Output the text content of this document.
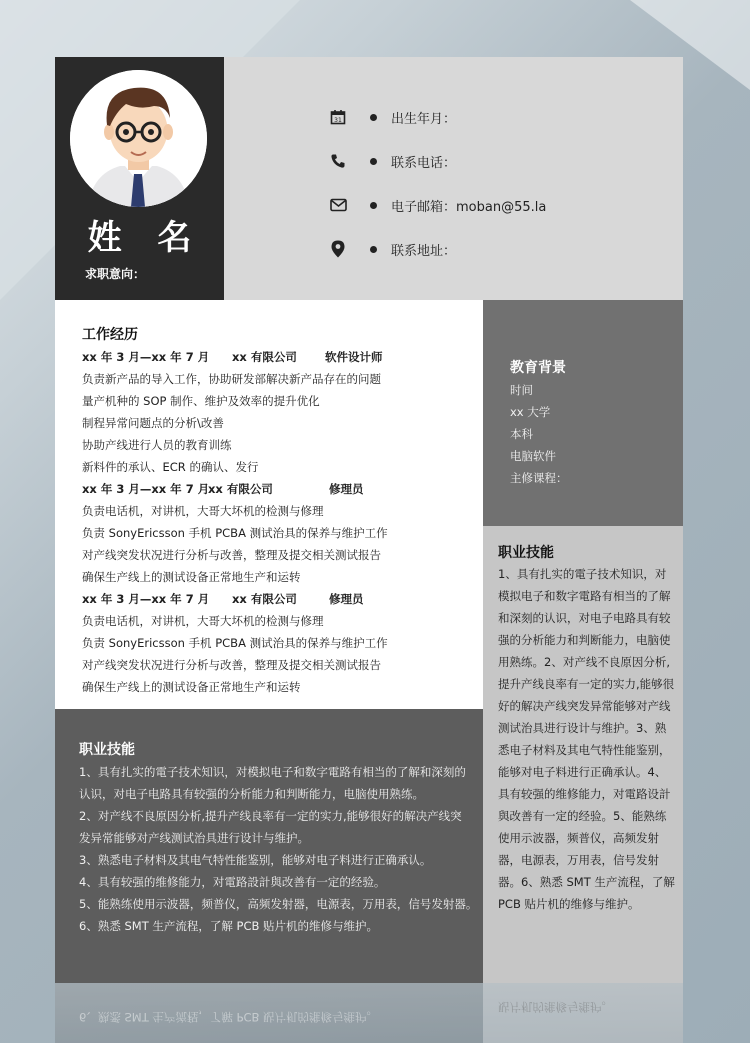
姓 名
求职意向：
31	出生年月：
联系电话：
电子邮箱：moban@55.la
联系地址：
工作经历
xx 年 3 月—xx 年 7 月 xx 有限公司 软件设计师
负责新产品的导入工作，协助研发部解决新产品存在的问题
量产机种的 SOP 制作、维护及效率的提升优化
制程异常问题点的分析\改善
协助产线进行人员的教育训练
新料件的承认、ECR 的确认、发行
xx 年 3 月—xx 年 7 月xx 有限公司	修理员
负责电话机，对讲机，大哥大坏机的检测与修理
负责 SonyEricsson 手机 PCBA 测试治具的保养与维护工作
对产线突发状况进行分析与改善，整理及提交相关测试报告
确保生产线上的测试设备正常地生产和运转
xx 年 3 月—xx 年 7 月 xx 有限公司	修理员
负责电话机，对讲机，大哥大坏机的检测与修理
负责 SonyEricsson 手机 PCBA 测试治具的保养与维护工作
对产线突发状况进行分析与改善，整理及提交相关测试报告
确保生产线上的测试设备正常地生产和运转
教育背景
时间
xx 大学
本科
电脑软件
主修课程：
职业技能
1、具有扎实的電子技术知识，对模拟电子和数字電路有相当的了解和深刻的认识，对电子电路具有较强的分析能力和判断能力，电脑使用熟练。2、对产线不良原因分析,提升产线良率有一定的实力,能够很好的解决产线突发异常能够对产线测试治具进行设计与维护。3、熟悉电子材料及其电气特性能鉴别，能够对电子料进行正确承认。4、具有较强的维修能力，对電路设計與改善有一定的经验。5、能熟练使用示波器，频普仪，高频发射器，电源表，万用表，信号发射器。6、熟悉 SMT 生产流程，了解 PCB 贴片机的维修与维护。
职业技能
1、具有扎实的電子技术知识，对模拟电子和数字電路有相当的了解和深刻的
认识，对电子电路具有较强的分析能力和判断能力，电脑使用熟练。
2、对产线不良原因分析,提升产线良率有一定的实力,能够很好的解决产线突
发异常能够对产线测试治具进行设计与维护。
3、熟悉电子材料及其电气特性能鉴别，能够对电子料进行正确承认。
4、具有较强的维修能力，对電路設計與改善有一定的经验。
5、能熟练使用示波器，频普仪，高频发射器，电源表，万用表，信号发射器。
6、熟悉 SMT 生产流程，了解 PCB 贴片机的维修与维护。
6、熟悉 SMT 生产流程，了解 PCB 贴片机的维修与维护。
贴片机的维修与维护。
